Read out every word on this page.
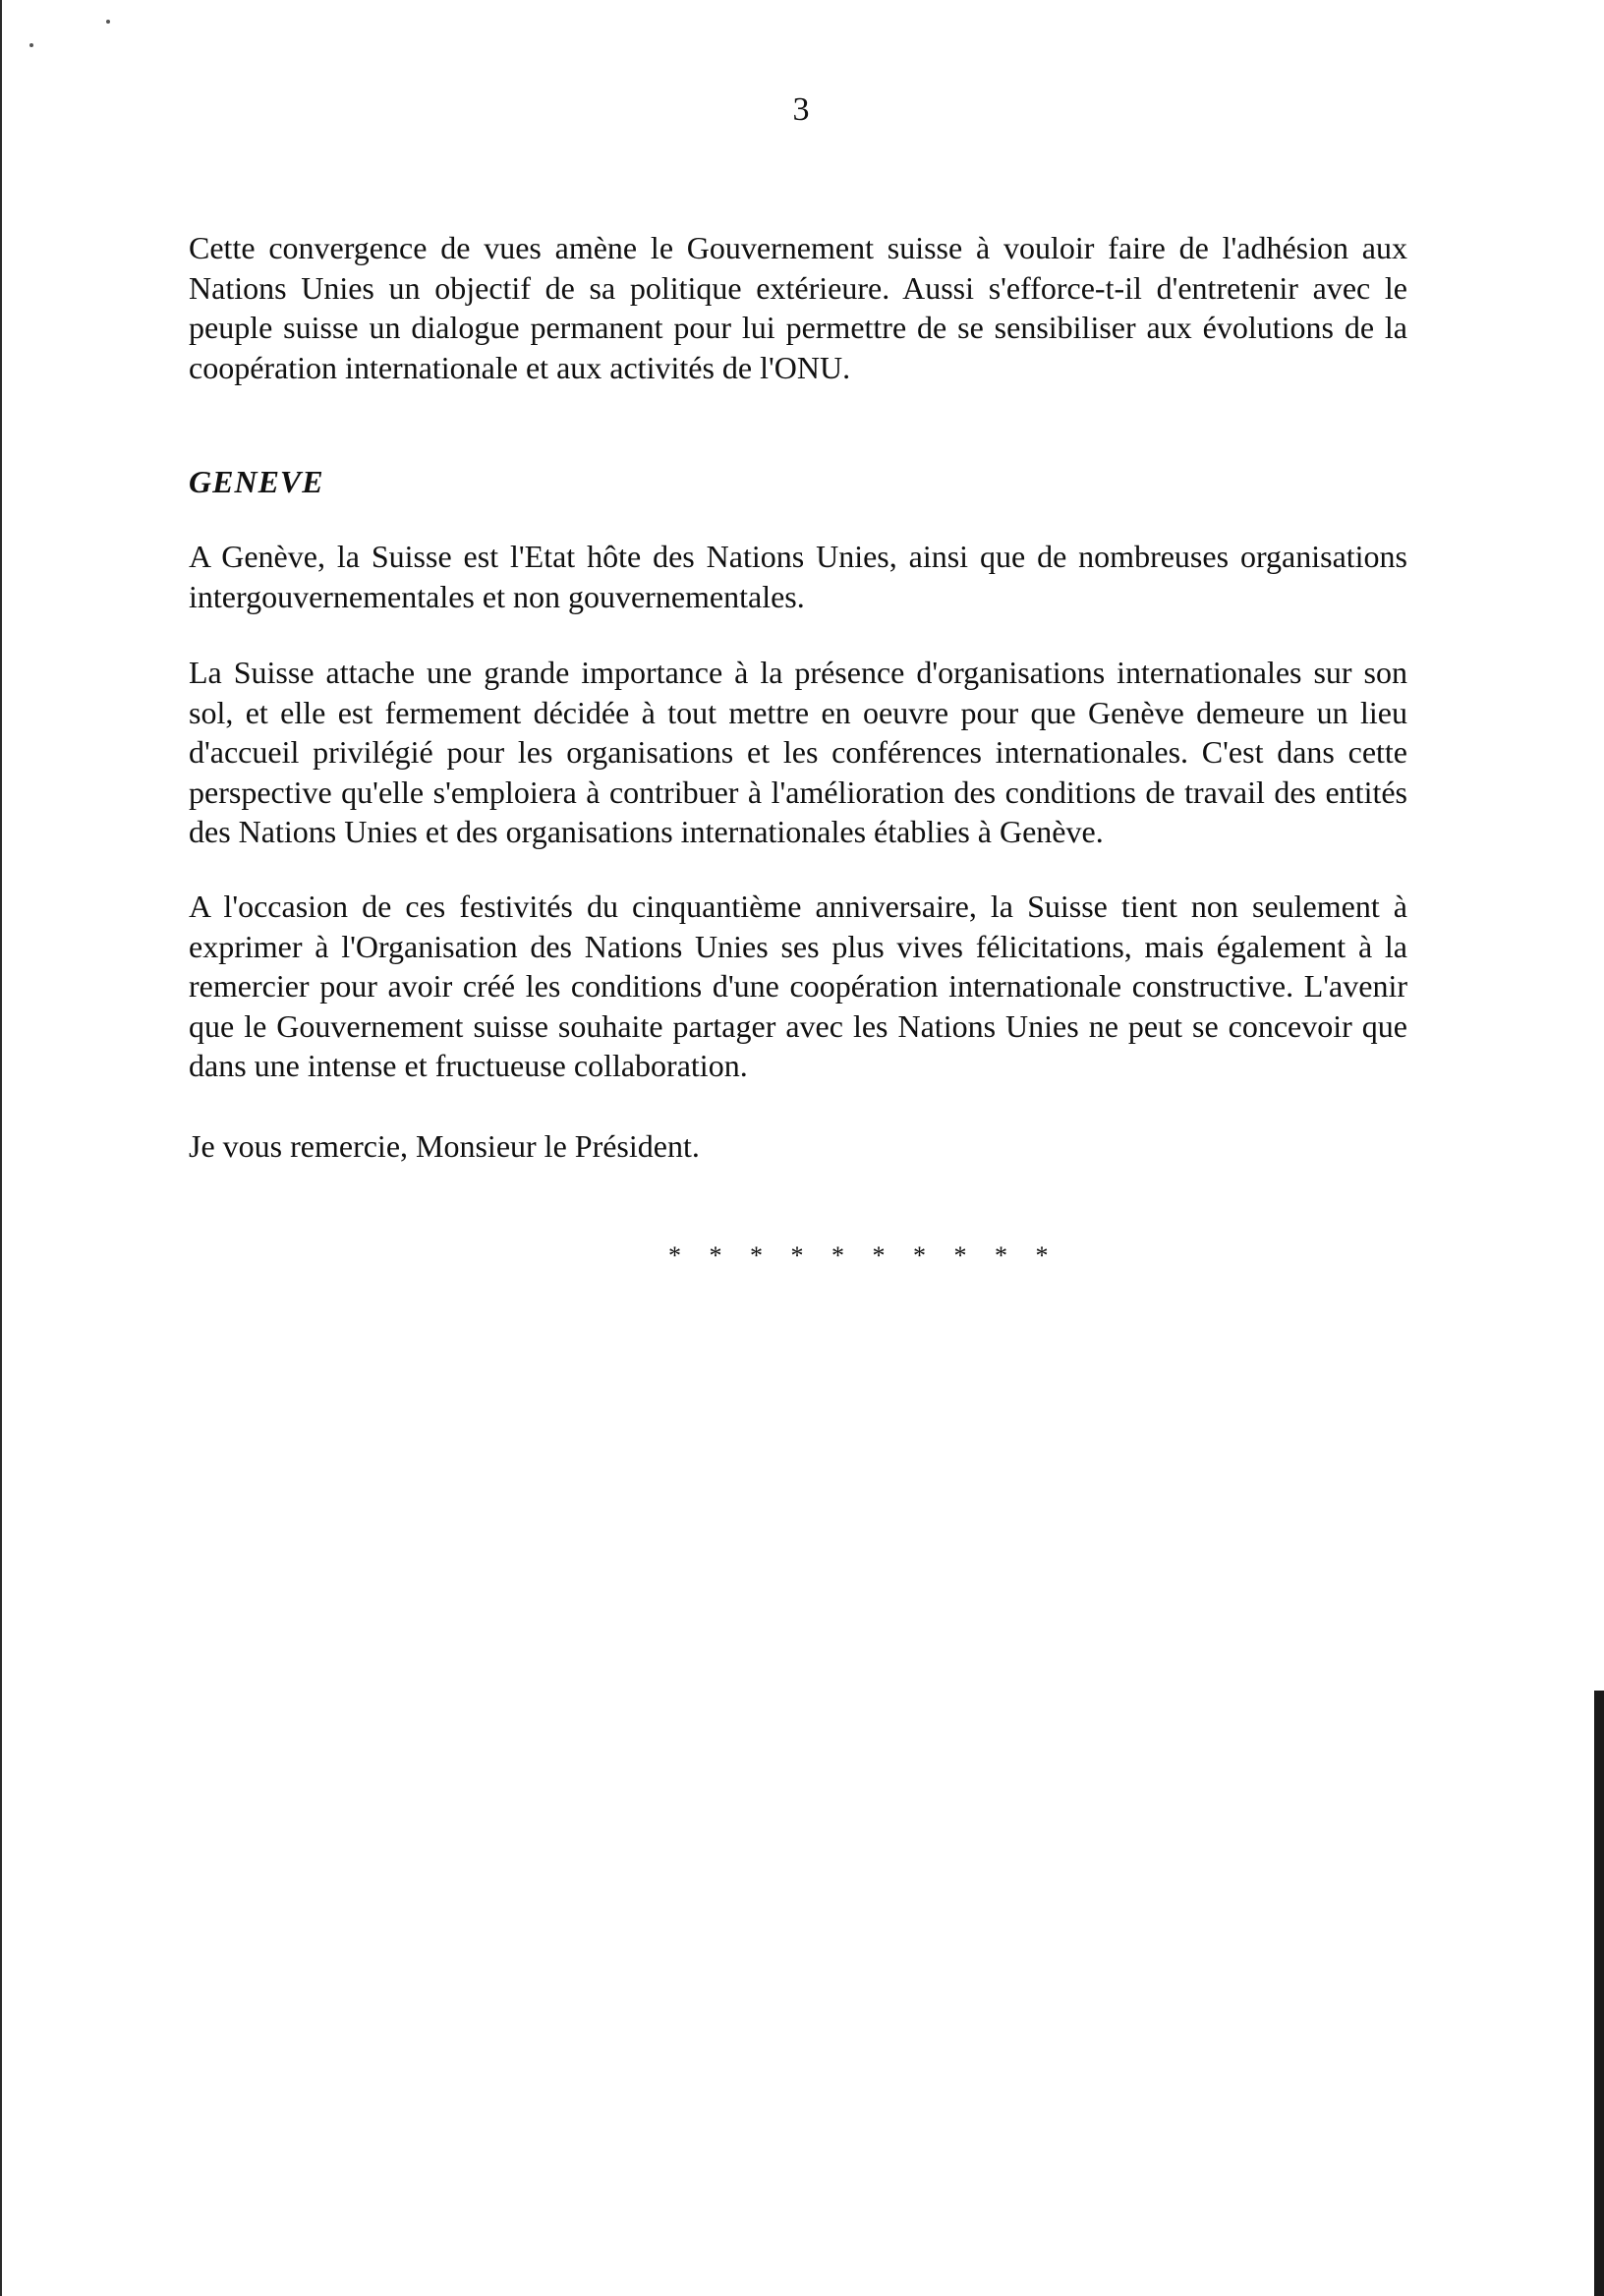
3

Cette convergence de vues amène le Gouvernement suisse à vouloir faire de l'adhésion aux Nations Unies un objectif de sa politique extérieure. Aussi s'efforce-t-il d'entretenir avec le peuple suisse un dialogue permanent pour lui permettre de se sensibiliser aux évolutions de la coopération internationale et aux activités de l'ONU.

GENEVE

A Genève, la Suisse est l'Etat hôte des Nations Unies, ainsi que de nombreuses organisations intergouvernementales et non gouvernementales.

La Suisse attache une grande importance à la présence d'organisations internationales sur son sol, et elle est fermement décidée à tout mettre en oeuvre pour que Genève demeure un lieu d'accueil privilégié pour les organisations et les conférences internationales. C'est dans cette perspective qu'elle s'emploiera à contribuer à l'amélioration des conditions de travail des entités des Nations Unies et des organisations internationales établies à Genève.

A l'occasion de ces festivités du cinquantième anniversaire, la Suisse tient non seulement à exprimer à l'Organisation des Nations Unies ses plus vives félicitations, mais également à la remercier pour avoir créé les conditions d'une coopération internationale constructive. L'avenir que le Gouvernement suisse souhaite partager avec les Nations Unies ne peut se concevoir que dans une intense et fructueuse collaboration.

Je vous remercie, Monsieur le Président.

* * * * * * * * * *
